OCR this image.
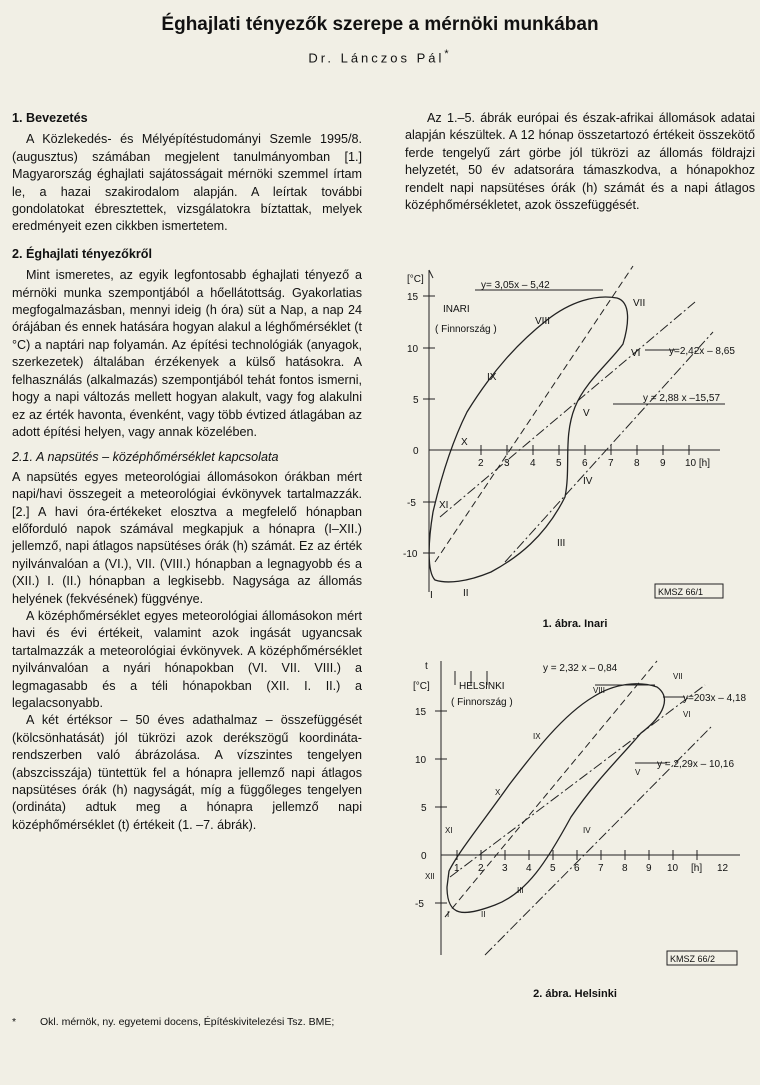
Éghajlati tényezők szerepe a mérnöki munkában
Dr. Lánczos Pál*
1. Bevezetés

A Közlekedés- és Mélyépítéstudományi Szemle 1995/8. (augusztus) számában megjelent tanulmányomban [1.] Magyarország éghajlati sajátosságait mérnöki szemmel írtam le, a hazai szakirodalom alapján. A leírtak további gondolatokat ébresztettek, vizsgálatokra bíztattak, melyek eredményeit ezen cikkben ismertetem.

2. Éghajlati tényezőkről

Mint ismeretes, az egyik legfontosabb éghajlati tényező a mérnöki munka szempontjából a hőellátottság. Gyakorlatias megfogalmazásban, mennyi ideig (h óra) süt a Nap, a nap 24 órájában és ennek hatására hogyan alakul a léghőmérséklet (t °C) a naptári nap folyamán. Az építési technológiák (anyagok, szerkezetek) általában érzékenyek a külső hatásokra. A felhasználás (alkalmazás) szempontjából tehát fontos ismerni, hogy a napi változás mellett hogyan alakult, vagy fog alakulni ez az érték havonta, évenként, vagy több évtized átlagában az adott építési helyen, vagy annak közelében.

2.1. A napsütés – középhőmérséklet kapcsolata

A napsütés egyes meteorológiai állomásokon órákban mért napi/havi összegeit a meteorológiai évkönyvek tartalmazzák. [2.] A havi óra-értékeket elosztva a megfelelő hónapban előforduló napok számával megkapjuk a hónapra (I–XII.) jellemző, napi átlagos napsütéses órák (h) számát. Ez az érték nyilvánvalóan a (VI.), VII. (VIII.) hónapban a legnagyobb és a (XII.) I. (II.) hónapban a legkisebb. Nagysága az állomás helyének (fekvésének) függvénye.

A középhőmérséklet egyes meteorológiai állomásokon mért havi és évi értékeit, valamint azok ingását ugyancsak tartalmazzák a meteorológiai évkönyvek. A középhőmérséklet nyilvánvalóan a nyári hónapokban (VI. VII. VIII.) a legmagasabb és a téli hónapokban (XII. I. II.) a legalacsonyabb.

A két értéksor – 50 éves adathalmaz – összefüggését (kölcsönhatását) jól tükrözi azok derékszögű koordináta-rendszerben való ábrázolása. A vízszintes tengelyen (abszcisszája) tüntettük fel a hónapra jellemző napi átlagos napsütéses órák (h) nagyságát, míg a függőleges tengelyen (ordináta) adtuk meg a hónapra jellemző napi középhőmérséklet (t) értékeit (1. –7. ábrák).

Az 1.–5. ábrák európai és észak-afrikai állomások adatai alapján készültek. A 12 hónap összetartozó értékeit összekötő ferde tengelyű zárt görbe jól tükrözi az állomás földrajzi helyzetét, 50 év adatsorára támaszkodva, a hónapokhoz rendelt napi napsütéses órák (h) számát és a napi átlagos középhőmérsékletet, azok összefüggését.

[°C]
15
10
5
0
-5
-10
2 3 4 5 6 7 8 9 10 [h]
INARI
( Finnország )
y= 3,05x – 5,42
y=2,42x – 8,65
y = 2,88 x –15,57
KMSZ 66/1
I	II
III
IV
V
VI
VII
VIII
IX
X
XI
1. ábra. Inari
t
[°C]
15
10
5
0
-5
1 2 3 4 5 6 7 8 9 10 [h] 12
HELSINKI
( Finnország )
y = 2,32 x – 0,84
y=203x – 4,18
y = 2,29x – 10,16
KMSZ 66/2
I	II
III
IV
V
VI
VII
VIII
IX
X
XI
XII
2. ábra. Helsinki
* Okl. mérnök, ny. egyetemi docens, Építéskivitelezési Tsz. BME;
